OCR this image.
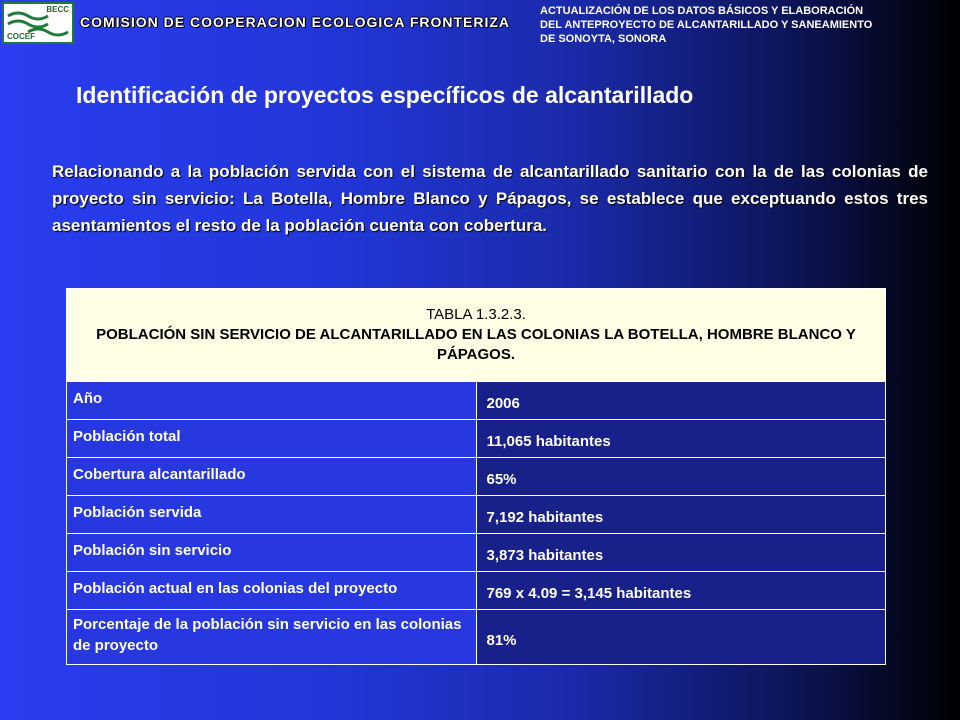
BECC
COCEF
COMISION DE COOPERACION ECOLOGICA FRONTERIZA
ACTUALIZACIÓN DE LOS DATOS BÁSICOS Y ELABORACIÓN
DEL ANTEPROYECTO DE ALCANTARILLADO Y SANEAMIENTO
DE SONOYTA, SONORA
Identificación de proyectos específicos de alcantarillado
Relacionando a la población servida con el sistema de alcantarillado sanitario con la de las colonias de proyecto sin servicio: La Botella, Hombre Blanco y Pápagos, se establece que exceptuando estos tres asentamientos el resto de la población cuenta con cobertura.
TABLA 1.3.2.3.
POBLACIÓN SIN SERVICIO DE ALCANTARILLADO EN LAS COLONIAS LA BOTELLA, HOMBRE BLANCO Y PÁPAGOS.	

Año	2006
Población total	11,065 habitantes
Cobertura alcantarillado	65%
Población servida	7,192 habitantes
Población sin servicio	3,873 habitantes
Población actual en las colonias del proyecto	769 x 4.09 = 3,145 habitantes
Porcentaje de la población sin servicio en las colonias de proyecto	81%
